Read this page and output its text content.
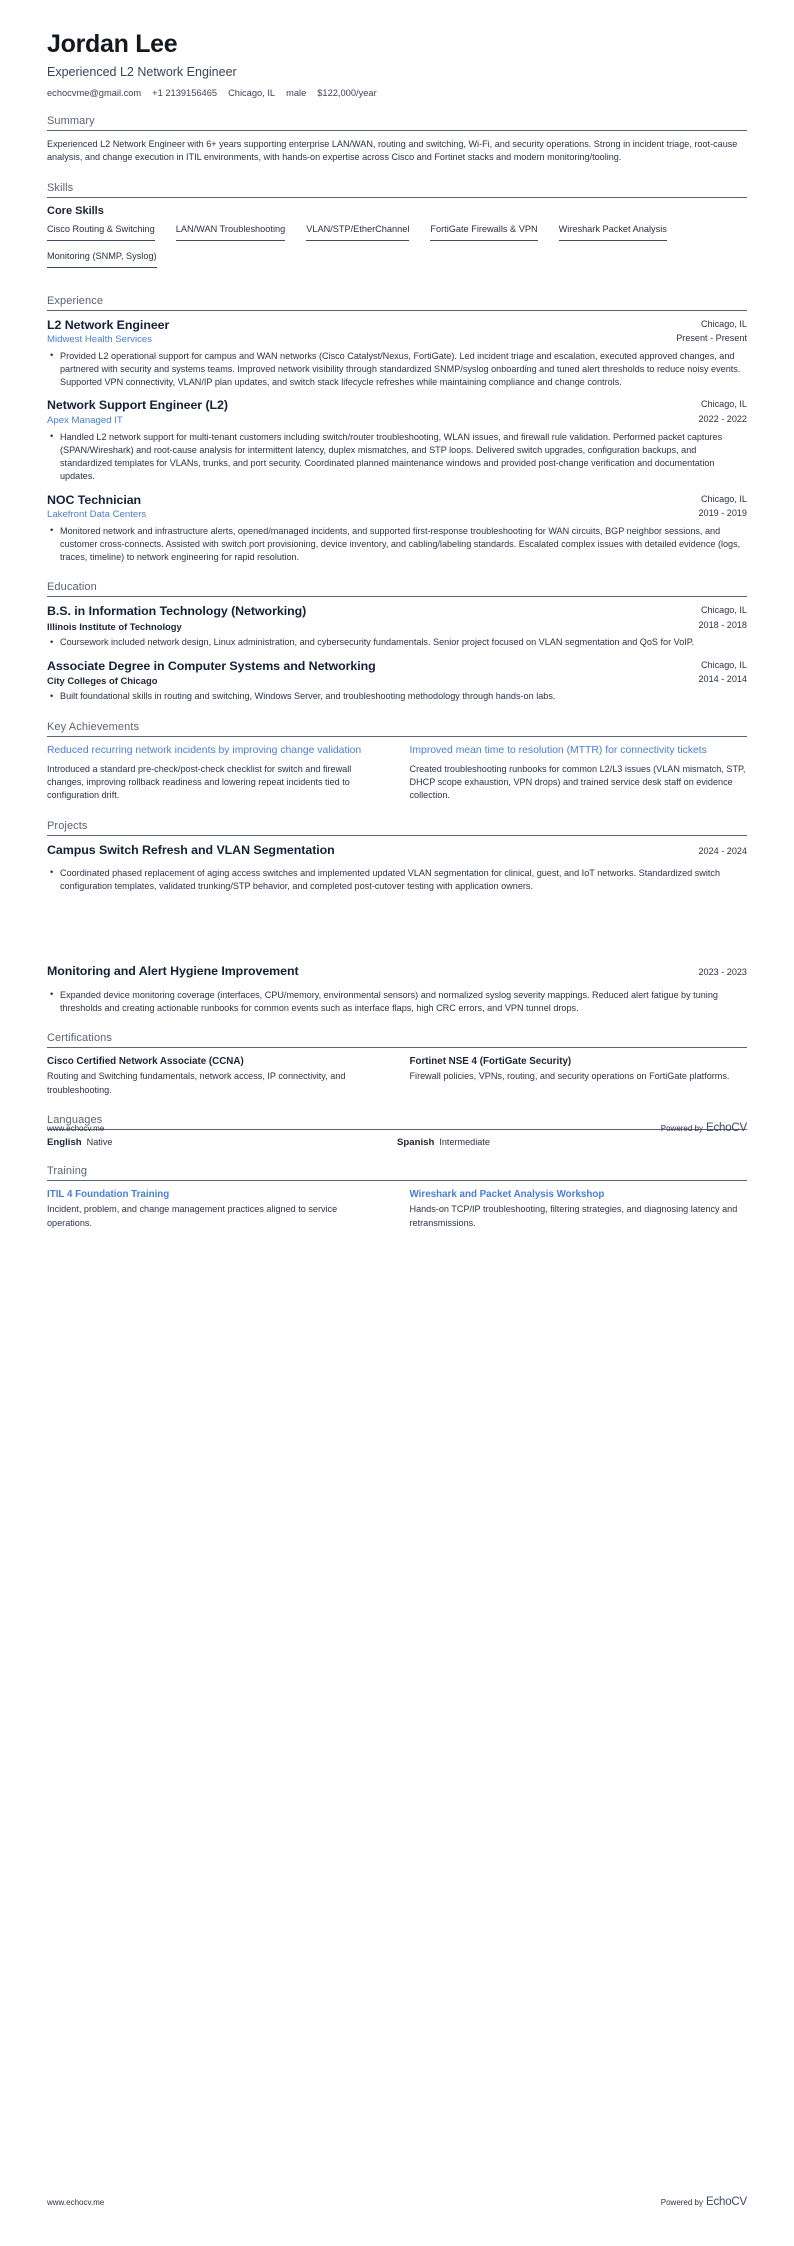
Jordan Lee
Experienced L2 Network Engineer
echocvme@gmail.com +1 2139156465 Chicago, IL male $122,000/year
Summary

Experienced L2 Network Engineer with 6+ years supporting enterprise LAN/WAN, routing and switching, Wi-Fi, and security operations. Strong in incident triage, root-cause analysis, and change execution in ITIL environments, with hands-on expertise across Cisco and Fortinet stacks and modern monitoring/tooling.

Skills
Core Skills
Cisco Routing & Switching LAN/WAN Troubleshooting VLAN/STP/EtherChannel FortiGate Firewalls & VPN Wireshark Packet Analysis
Monitoring (SNMP, Syslog)
Experience
L2 Network Engineer
Midwest Health Services
Chicago, IL
Present - Present
• Provided L2 operational support for campus and WAN networks (Cisco Catalyst/Nexus, FortiGate). Led incident triage and escalation, executed approved changes, and partnered with security and systems teams. Improved network visibility through standardized SNMP/syslog onboarding and tuned alert thresholds to reduce noisy events. Supported VPN connectivity, VLAN/IP plan updates, and switch stack lifecycle refreshes while maintaining compliance and change controls.
Network Support Engineer (L2)
Apex Managed IT
Chicago, IL
2022 - 2022
• Handled L2 network support for multi-tenant customers including switch/router troubleshooting, WLAN issues, and firewall rule validation. Performed packet captures (SPAN/Wireshark) and root-cause analysis for intermittent latency, duplex mismatches, and STP loops. Delivered switch upgrades, configuration backups, and standardized templates for VLANs, trunks, and port security. Coordinated planned maintenance windows and provided post-change verification and documentation updates.
NOC Technician
Lakefront Data Centers
Chicago, IL
2019 - 2019
• Monitored network and infrastructure alerts, opened/managed incidents, and supported first-response troubleshooting for WAN circuits, BGP neighbor sessions, and customer cross-connects. Assisted with switch port provisioning, device inventory, and cabling/labeling standards. Escalated complex issues with detailed evidence (logs, traces, timeline) to network engineering for rapid resolution.
Education
B.S. in Information Technology (Networking)
Illinois Institute of Technology
Chicago, IL
2018 - 2018
• Coursework included network design, Linux administration, and cybersecurity fundamentals. Senior project focused on VLAN segmentation and QoS for VoIP.
Associate Degree in Computer Systems and Networking
City Colleges of Chicago
Chicago, IL
2014 - 2014
• Built foundational skills in routing and switching, Windows Server, and troubleshooting methodology through hands-on labs.
Key Achievements
Reduced recurring network incidents by improving change validation
Introduced a standard pre-check/post-check checklist for switch and firewall changes, improving rollback readiness and lowering repeat incidents tied to configuration drift.
Improved mean time to resolution (MTTR) for connectivity tickets
Created troubleshooting runbooks for common L2/L3 issues (VLAN mismatch, STP, DHCP scope exhaustion, VPN drops) and trained service desk staff on evidence collection.
Projects
Campus Switch Refresh and VLAN Segmentation	2024 - 2024
• Coordinated phased replacement of aging access switches and implemented updated VLAN segmentation for clinical, guest, and IoT networks. Standardized switch configuration templates, validated trunking/STP behavior, and completed post-cutover testing with application owners.
www.echocv.me	Powered by EchoCV
Monitoring and Alert Hygiene Improvement	2023 - 2023
• Expanded device monitoring coverage (interfaces, CPU/memory, environmental sensors) and normalized syslog severity mappings. Reduced alert fatigue by tuning thresholds and creating actionable runbooks for common events such as interface flaps, high CRC errors, and VPN tunnel drops.
Certifications
Cisco Certified Network Associate (CCNA)
Routing and Switching fundamentals, network access, IP connectivity, and troubleshooting.
Fortinet NSE 4 (FortiGate Security)
Firewall policies, VPNs, routing, and security operations on FortiGate platforms.
Languages
English Native	Spanish Intermediate
Training
ITIL 4 Foundation Training
Incident, problem, and change management practices aligned to service operations.
Wireshark and Packet Analysis Workshop
Hands-on TCP/IP troubleshooting, filtering strategies, and diagnosing latency and retransmissions.
www.echocv.me	Powered by EchoCV
